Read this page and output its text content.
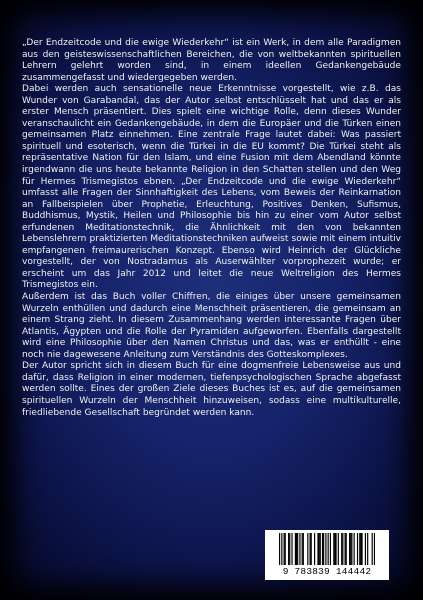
„Der Endzeitcode und die ewige Wiederkehr“ ist ein Werk, in dem alle Paradigmen aus den geisteswissenschaftlichen Bereichen, die von weltbekannten spirituellen Lehrern gelehrt worden sind, in einem ideellen Gedankengebäude zusammengefasst und wiedergegeben werden.

Dabei werden auch sensationelle neue Erkenntnisse vorgestellt, wie z.B. das Wunder von Garabandal, das der Autor selbst entschlüsselt hat und das er als erster Mensch präsentiert. Dies spielt eine wichtige Rolle, denn dieses Wunder veranschaulicht ein Gedankengebäude, in dem die Europäer und die Türken einen gemeinsamen Platz einnehmen. Eine zentrale Frage lautet dabei: Was passiert spirituell und esoterisch, wenn die Türkei in die EU kommt? Die Türkei steht als repräsentative Nation für den Islam, und eine Fusion mit dem Abendland könnte irgendwann die uns heute bekannte Religion in den Schatten stellen und den Weg für Hermes Trismegistos ebnen. „Der Endzeitcode und die ewige Wiederkehr“ umfasst alle Fragen der Sinnhaftigkeit des Lebens, vom Beweis der Reinkarnation an Fallbeispielen über Prophetie, Erleuchtung, Positives Denken, Sufismus, Buddhismus, Mystik, Heilen und Philosophie bis hin zu einer vom Autor selbst erfundenen Meditationstechnik, die Ähnlichkeit mit den von bekannten Lebenslehrern praktizierten Meditationstechniken aufweist sowie mit einem intuitiv empfangenen freimaurerischen Konzept. Ebenso wird Heinrich der Glückliche vorgestellt, der von Nostradamus als Auserwählter vorprophezeit wurde; er erscheint um das Jahr 2012 und leitet die neue Weltreligion des Hermes Trismegistos ein.

Außerdem ist das Buch voller Chiffren, die einiges über unsere gemeinsamen Wurzeln enthüllen und dadurch eine Menschheit präsentieren, die gemeinsam an einem Strang zieht. In diesem Zusammenhang werden interessante Fragen über Atlantis, Ägypten und die Rolle der Pyramiden aufgeworfen. Ebenfalls dargestellt wird eine Philosophie über den Namen Christus und das, was er enthüllt - eine noch nie dagewesene Anleitung zum Verständnis des Gotteskomplexes.

Der Autor spricht sich in diesem Buch für eine dogmenfreie Lebensweise aus und dafür, dass Religion in einer modernen, tiefenpsychologischen Sprache abgefasst werden sollte. Eines der großen Ziele dieses Buches ist es, auf die gemeinsamen spirituellen Wurzeln der Menschheit hinzuweisen, sodass eine multikulturelle, friedliebende Gesellschaft begründet werden kann.

9 783839 144442
